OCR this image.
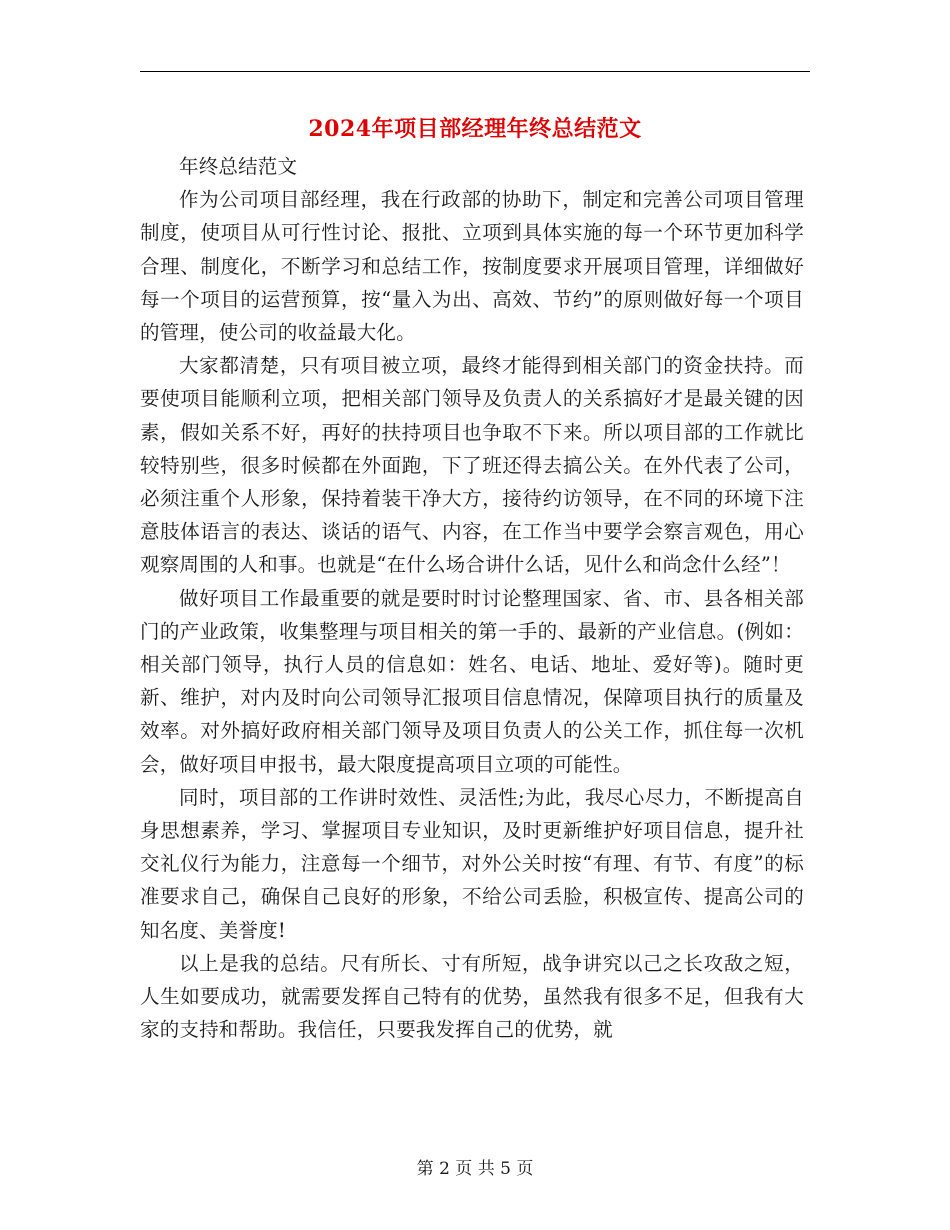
2024年项目部经理年终总结范文

年终总结范文

作为公司项目部经理，我在行政部的协助下，制定和完善公司项目管理制度，使项目从可行性讨论、报批、立项到具体实施的每一个环节更加科学合理、制度化，不断学习和总结工作，按制度要求开展项目管理，详细做好每一个项目的运营预算，按“量入为出、高效、节约”的原则做好每一个项目的管理，使公司的收益最大化。

大家都清楚，只有项目被立项，最终才能得到相关部门的资金扶持。而要使项目能顺利立项，把相关部门领导及负责人的关系搞好才是最关键的因素，假如关系不好，再好的扶持项目也争取不下来。所以项目部的工作就比较特别些，很多时候都在外面跑，下了班还得去搞公关。在外代表了公司，必须注重个人形象，保持着装干净大方，接待约访领导，在不同的环境下注意肢体语言的表达、谈话的语气、内容，在工作当中要学会察言观色，用心观察周围的人和事。也就是“在什么场合讲什么话，见什么和尚念什么经”！

做好项目工作最重要的就是要时时讨论整理国家、省、市、县各相关部门的产业政策，收集整理与项目相关的第一手的、最新的产业信息。(例如：相关部门领导，执行人员的信息如：姓名、电话、地址、爱好等)。随时更新、维护，对内及时向公司领导汇报项目信息情况，保障项目执行的质量及效率。对外搞好政府相关部门领导及项目负责人的公关工作，抓住每一次机会，做好项目申报书，最大限度提高项目立项的可能性。

同时，项目部的工作讲时效性、灵活性;为此，我尽心尽力，不断提高自身思想素养，学习、掌握项目专业知识，及时更新维护好项目信息，提升社交礼仪行为能力，注意每一个细节，对外公关时按“有理、有节、有度”的标准要求自己，确保自己良好的形象，不给公司丢脸，积极宣传、提高公司的知名度、美誉度!

以上是我的总结。尺有所长、寸有所短，战争讲究以己之长攻敌之短，人生如要成功，就需要发挥自己特有的优势，虽然我有很多不足，但我有大家的支持和帮助。我信任，只要我发挥自己的优势，就

第 2 页 共 5 页
